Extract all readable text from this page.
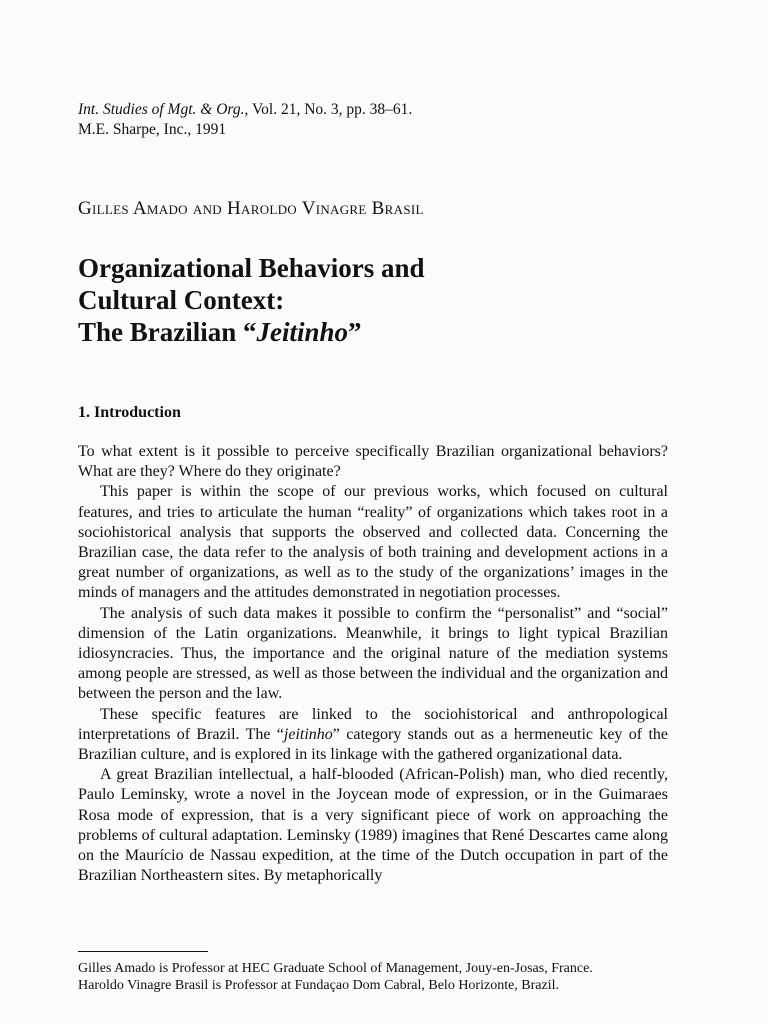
Int. Studies of Mgt. & Org., Vol. 21, No. 3, pp. 38–61.
M.E. Sharpe, Inc., 1991
Gilles Amado and Haroldo Vinagre Brasil
Organizational Behaviors and
Cultural Context:
The Brazilian “Jeitinho”
1. Introduction

To what extent is it possible to perceive specifically Brazilian organizational behaviors? What are they? Where do they originate?

This paper is within the scope of our previous works, which focused on cultural features, and tries to articulate the human “reality” of organizations which takes root in a sociohistorical analysis that supports the observed and collected data. Concerning the Brazilian case, the data refer to the analysis of both training and development actions in a great number of organizations, as well as to the study of the organizations’ images in the minds of managers and the attitudes demonstrated in negotiation processes.

The analysis of such data makes it possible to confirm the “personalist” and “social” dimension of the Latin organizations. Meanwhile, it brings to light typical Brazilian idiosyncracies. Thus, the importance and the original nature of the mediation systems among people are stressed, as well as those between the individual and the organization and between the person and the law.

These specific features are linked to the sociohistorical and anthropological interpretations of Brazil. The “jeitinho” category stands out as a hermeneutic key of the Brazilian culture, and is explored in its linkage with the gathered organizational data.

A great Brazilian intellectual, a half-blooded (African-Polish) man, who died recently, Paulo Leminsky, wrote a novel in the Joycean mode of expression, or in the Guimaraes Rosa mode of expression, that is a very significant piece of work on approaching the problems of cultural adaptation. Leminsky (1989) imagines that René Descartes came along on the Maurício de Nassau expedition, at the time of the Dutch occupation in part of the Brazilian Northeastern sites. By metaphorically

Gilles Amado is Professor at HEC Graduate School of Management, Jouy-en-Josas, France.
Haroldo Vinagre Brasil is Professor at Fundaçao Dom Cabral, Belo Horizonte, Brazil.
